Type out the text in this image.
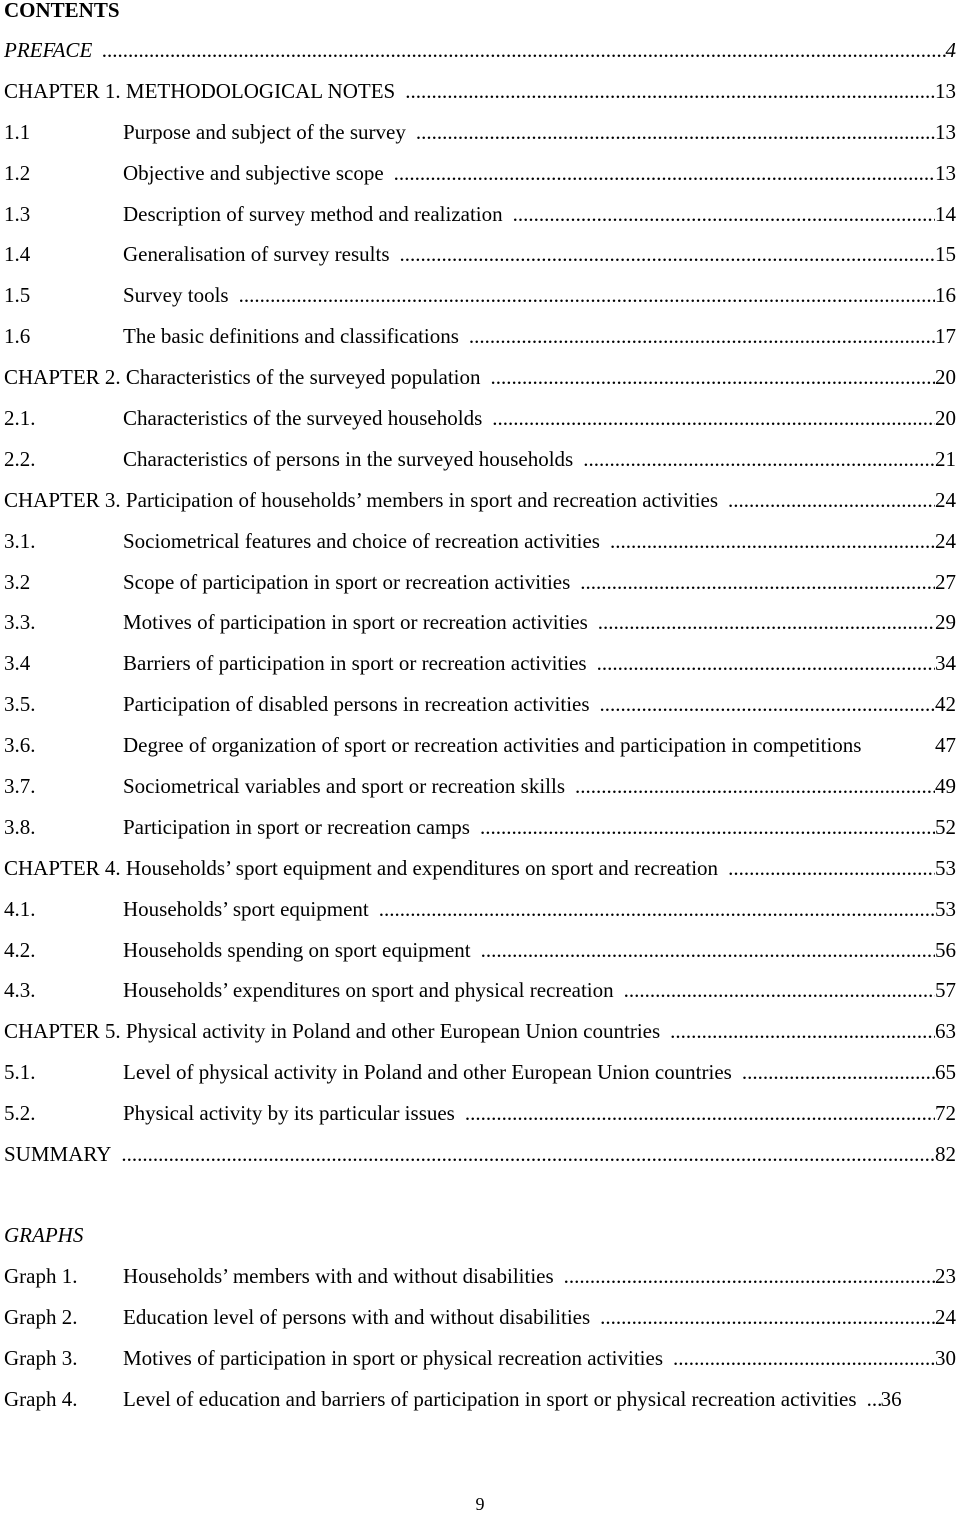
CONTENTS
PREFACE .....	4
CHAPTER 1. METHODOLOGICAL NOTES .....	13
1.1	Purpose and subject of the survey .....	13
1.2	Objective and subjective scope .....	13
1.3	Description of survey method and realization .....	14
1.4	Generalisation of survey results .....	15
1.5	Survey tools .....	16
1.6	The basic definitions and classifications .....	17
CHAPTER 2. Characteristics of the surveyed population .....	20
2.1.	Characteristics of the surveyed households .....	20
2.2.	Characteristics of persons in the surveyed households .....	21
CHAPTER 3. Participation of households’ members in sport and recreation activities .....	24
3.1.	Sociometrical features and choice of recreation activities .....	24
3.2	Scope of participation in sport or recreation activities .....	27
3.3.	Motives of participation in sport or recreation activities .....	29
3.4	Barriers of participation in sport or recreation activities .....	34
3.5.	Participation of disabled persons in recreation activities .....	42
3.6.	Degree of organization of sport or recreation activities and participation in competitions	47
3.7.	Sociometrical variables and sport or recreation skills .....	49
3.8.	Participation in sport or recreation camps .....	52
CHAPTER 4. Households’ sport equipment and expenditures on sport and recreation .....	53
4.1.	Households’ sport equipment .....	53
4.2.	Households spending on sport equipment .....	56
4.3.	Households’ expenditures on sport and physical recreation .....	57
CHAPTER 5. Physical activity in Poland and other European Union countries .....	63
5.1.	Level of physical activity in Poland and other European Union countries .....	65
5.2.	Physical activity by its particular issues .....	72
SUMMARY .....	82
GRAPHS
Graph 1.	Households’ members with and without disabilities .....	23
Graph 2.	Education level of persons with and without disabilities .....	24
Graph 3.	Motives of participation in sport or physical recreation activities .....	30
Graph 4.	Level of education and barriers of participation in sport or physical recreation activities ..... 36
9
